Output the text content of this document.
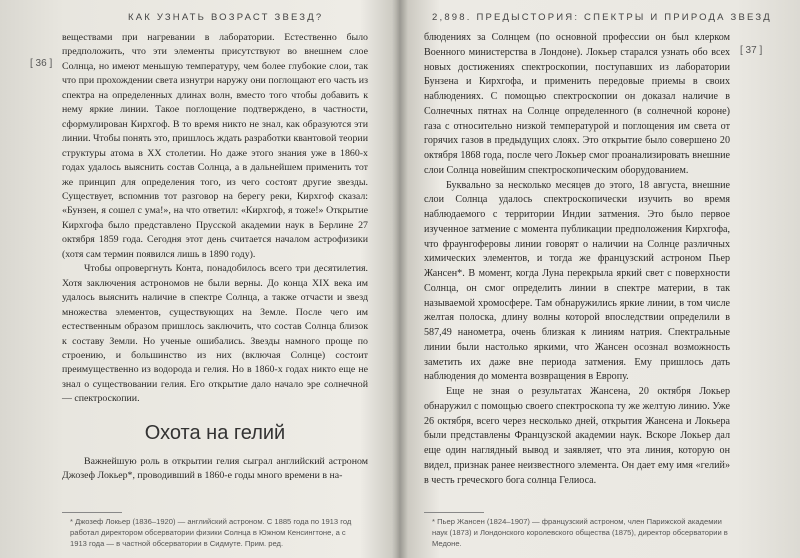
КАК УЗНАТЬ ВОЗРАСТ ЗВЕЗД?
[ 36 ]

веществами при нагревании в лаборатории. Естественно было предположить, что эти элементы присутствуют во внешнем слое Солнца, но имеют меньшую температуру, чем более глубокие слои, так что при прохождении света изнутри наружу они поглощают его часть из спектра на определенных длинах волн, вместо того чтобы добавить к нему яркие линии. Такое поглощение подтверждено, в частности, сформулирован Кирхгоф. В то время никто не знал, как образуются эти линии. Чтобы понять это, пришлось ждать разработки квантовой теории структуры атома в XX столетии. Но даже этого знания уже в 1860-х годах удалось выяснить состав Солнца, а в дальнейшем применить тот же принцип для определения того, из чего состоят другие звезды. Существует, вспомнив тот разговор на берегу реки, Кирхгоф сказал: «Бунзен, я сошел с ума!», на что ответил: «Кирхгоф, я тоже!» Открытие Кирхгофа было представлено Прусской академии наук в Берлине 27 октября 1859 года. Сегодня этот день считается началом астрофизики (хотя сам термин появился лишь в 1890 году).

Чтобы опровергнуть Конта, понадобилось всего три десятилетия. Хотя заключения астрономов не были верны. До конца XIX века им удалось выяснить наличие в спектре Солнца, а также отчасти и звезд множества элементов, существующих на Земле. После чего им естественным образом пришлось заключить, что состав Солнца близок к составу Земли. Но ученые ошибались. Звезды намного проще по строению, и большинство из них (включая Солнце) состоит преимущественно из водорода и гелия. Но в 1860-х годах никто еще не знал о существовании гелия. Его открытие дало начало эре солнечной — спектроскопии.

Охота на гелий

Важнейшую роль в открытии гелия сыграл английский астроном Джозеф Локьер*, проводивший в 1860-е годы много времени в на-

* Джозеф Локьер (1836–1920) — английский астроном. С 1885 года по 1913 год работал директором обсерватории физики Солнца в Южном Кенсингтоне, а с 1913 года — в частной обсерватории в Сидмуте. Прим. ред.
2,898. ПРЕДЫСТОРИЯ: СПЕКТРЫ И ПРИРОДА ЗВЕЗД
[ 37 ]

блюдениях за Солнцем (по основной профессии он был клерком Военного министерства в Лондоне). Локьер старался узнать обо всех новых достижениях спектроскопии, поступавших из лаборатории Бунзена и Кирхгофа, и применить передовые приемы в своих наблюдениях. С помощью спектроскопии он доказал наличие в Солнечных пятнах на Солнце определенного (в солнечной короне) газа с относительно низкой температурой и поглощения им света от горячих газов в предыдущих слоях. Это открытие было совершено 20 октября 1868 года, после чего Локьер смог проанализировать внешние слои Солнца новейшим спектроскопическим оборудованием.

Буквально за несколько месяцев до этого, 18 августа, внешние слои Солнца удалось спектроскопически изучить во время наблюдаемого с территории Индии затмения. Это было первое изученное затмение с момента публикации предположения Кирхгофа, что фраунгоферовы линии говорят о наличии на Солнце различных химических элементов, и тогда же французский астроном Пьер Жансен*. В момент, когда Луна перекрыла яркий свет с поверхности Солнца, он смог определить линии в спектре материи, в так называемой хромосфере. Там обнаружились яркие линии, в том числе желтая полоска, длину волны которой впоследствии определили в 587,49 нанометра, очень близкая к линиям натрия. Спектральные линии были настолько яркими, что Жансен осознал возможность заметить их даже вне периода затмения. Ему пришлось дать наблюдения до момента возвращения в Европу.

Еще не зная о результатах Жансена, 20 октября Локьер обнаружил с помощью своего спектроскопа ту же желтую линию. Уже 26 октября, всего через несколько дней, открытия Жансена и Локьера были представлены Французской академии наук. Вскоре Локьер дал еще один наглядный вывод и заявляет, что эта линия, которую он видел, признак ранее неизвестного элемента. Он дает ему имя «гелий» в честь греческого бога солнца Гелиоса.

* Пьер Жансен (1824–1907) — французский астроном, член Парижской академии наук (1873) и Лондонского королевского общества (1875), директор обсерватории в Медоне.
